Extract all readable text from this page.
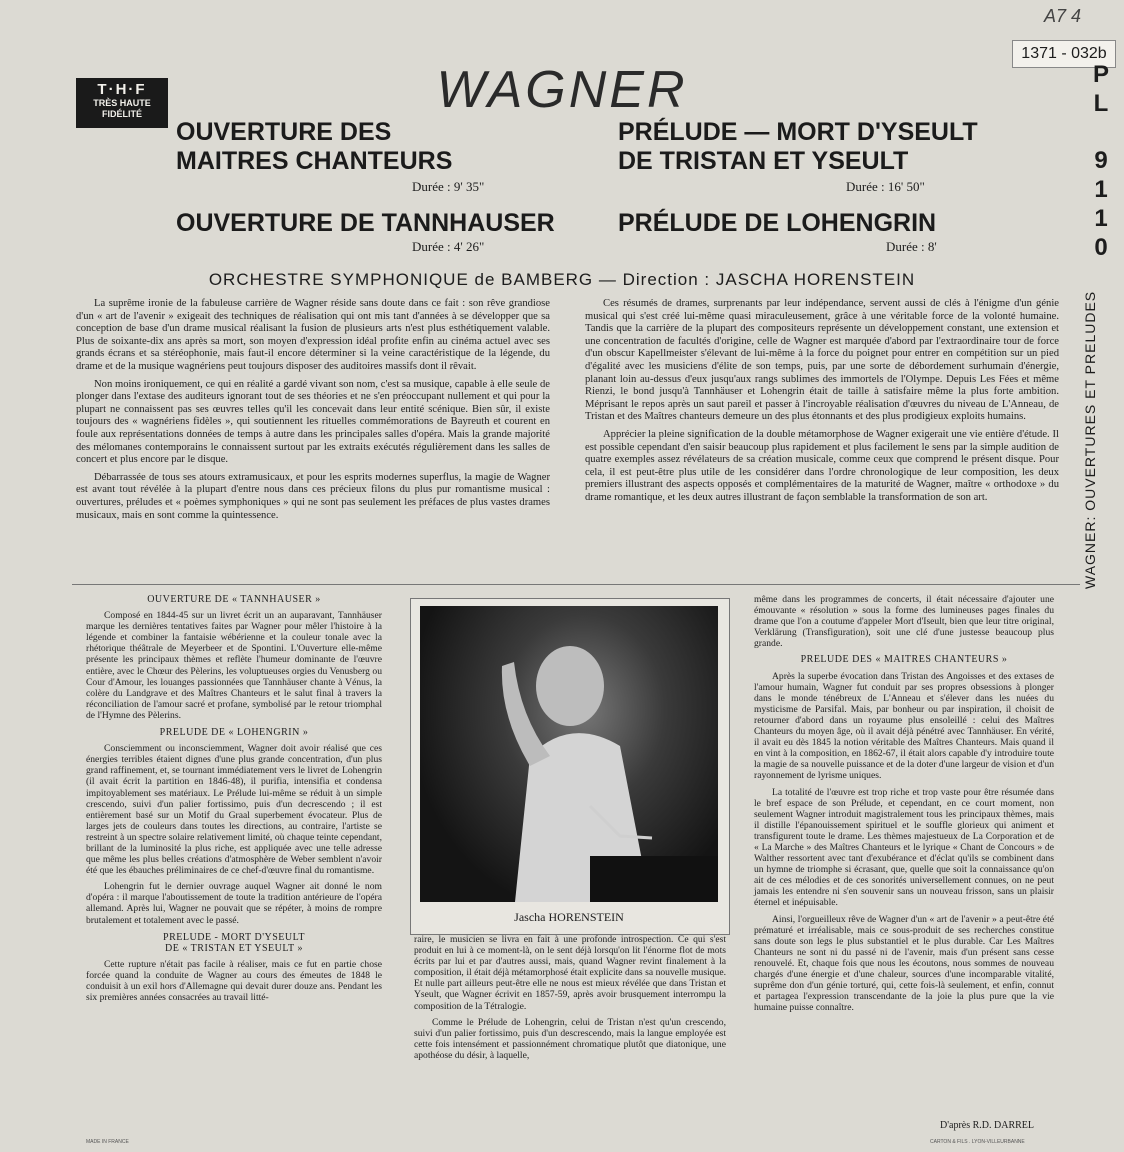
A7 4
1371 - 032b
T·H·F
TRÈS HAUTE
FIDÉLITÉ	WAGNER	P
L
9
1
1
0
WAGNER: OUVERTURES ET PRELUDES
OUVERTURE DES
MAITRES CHANTEURS
Durée : 9' 35"
PRÉLUDE — MORT D'YSEULT
DE TRISTAN ET YSEULT
Durée : 16' 50"
OUVERTURE DE TANNHAUSER
Durée : 4' 26"
PRÉLUDE DE LOHENGRIN
Durée : 8'
ORCHESTRE SYMPHONIQUE de BAMBERG — Direction : JASCHA HORENSTEIN

La suprême ironie de la fabuleuse carrière de Wagner réside sans doute dans ce fait : son rêve grandiose d'un « art de l'avenir » exigeait des techniques de réalisation qui ont mis tant d'années à se développer que sa conception de base d'un drame musical réalisant la fusion de plusieurs arts n'est plus esthétiquement valable. Plus de soixante-dix ans après sa mort, son moyen d'expression idéal profite enfin au cinéma actuel avec ses grands écrans et sa stéréophonie, mais faut-il encore déterminer si la veine caractéristique de la légende, du drame et de la musique wagnériens peut toujours disposer des auditoires massifs dont il rêvait.

Non moins ironiquement, ce qui en réalité a gardé vivant son nom, c'est sa musique, capable à elle seule de plonger dans l'extase des auditeurs ignorant tout de ses théories et ne s'en préoccupant nullement et qui pour la plupart ne connaissent pas ses œuvres telles qu'il les concevait dans leur entité scénique. Bien sûr, il existe toujours des « wagnériens fidèles », qui soutiennent les rituelles commémorations de Bayreuth et courent en foule aux représentations données de temps à autre dans les principales salles d'opéra. Mais la grande majorité des mélomanes contemporains le connaissent surtout par les extraits exécutés régulièrement dans les salles de concert et plus encore par le disque.

Débarrassée de tous ses atours extramusicaux, et pour les esprits modernes superflus, la magie de Wagner est avant tout révélée à la plupart d'entre nous dans ces précieux filons du plus pur romantisme musical : ouvertures, préludes et « poèmes symphoniques » qui ne sont pas seulement les préfaces de plus vastes drames musicaux, mais en sont comme la quintessence.

Ces résumés de drames, surprenants par leur indépendance, servent aussi de clés à l'énigme d'un génie musical qui s'est créé lui-même quasi miraculeusement, grâce à une véritable force de la volonté humaine. Tandis que la carrière de la plupart des compositeurs représente un développement constant, une extension et une concentration de facultés d'origine, celle de Wagner est marquée d'abord par l'extraordinaire tour de force d'un obscur Kapellmeister s'élevant de lui-même à la force du poignet pour entrer en compétition sur un pied d'égalité avec les musiciens d'élite de son temps, puis, par une sorte de débordement surhumain d'énergie, planant loin au-dessus d'eux jusqu'aux rangs sublimes des immortels de l'Olympe. Depuis Les Fées et même Rienzi, le bond jusqu'à Tannhäuser et Lohengrin était de taille à satisfaire même la plus forte ambition. Méprisant le repos après un saut pareil et passer à l'incroyable réalisation d'œuvres du niveau de L'Anneau, de Tristan et des Maîtres chanteurs demeure un des plus étonnants et des plus prodigieux exploits humains.

Apprécier la pleine signification de la double métamorphose de Wagner exigerait une vie entière d'étude. Il est possible cependant d'en saisir beaucoup plus rapidement et plus facilement le sens par la simple audition de quatre exemples assez révélateurs de sa création musicale, comme ceux que comprend le présent disque. Pour cela, il est peut-être plus utile de les considérer dans l'ordre chronologique de leur composition, les deux premiers illustrant des aspects opposés et complémentaires de la maturité de Wagner, maître « orthodoxe » du drame romantique, et les deux autres illustrant de façon semblable la transformation de son art.

OUVERTURE DE « TANNHAUSER »

Composé en 1844-45 sur un livret écrit un an auparavant, Tannhäuser marque les dernières tentatives faites par Wagner pour mêler l'histoire à la légende et combiner la fantaisie wébérienne et la couleur tonale avec la rhétorique théâtrale de Meyerbeer et de Spontini. L'Ouverture elle-même présente les principaux thèmes et reflète l'humeur dominante de l'œuvre entière, avec le Chœur des Pèlerins, les voluptueuses orgies du Venusberg ou Cour d'Amour, les louanges passionnées que Tannhäuser chante à Vénus, la colère du Landgrave et des Maîtres Chanteurs et le salut final à travers la réconciliation de l'amour sacré et profane, symbolisé par le retour triomphal de l'Hymne des Pèlerins.

PRELUDE DE « LOHENGRIN »

Consciemment ou inconsciemment, Wagner doit avoir réalisé que ces énergies terribles étaient dignes d'une plus grande concentration, d'un plus grand raffinement, et, se tournant immédiatement vers le livret de Lohengrin (il avait écrit la partition en 1846-48), il purifia, intensifia et condensa impitoyablement ses matériaux. Le Prélude lui-même se réduit à un simple crescendo, suivi d'un palier fortissimo, puis d'un decrescendo ; il est entièrement basé sur un Motif du Graal superbement évocateur. Plus de larges jets de couleurs dans toutes les directions, au contraire, l'artiste se restreint à un spectre solaire relativement limité, où chaque teinte cependant, brillant de la luminosité la plus riche, est appliquée avec une telle adresse que même les plus belles créations d'atmosphère de Weber semblent n'avoir été que les ébauches préliminaires de ce chef-d'œuvre final du romantisme.

Lohengrin fut le dernier ouvrage auquel Wagner ait donné le nom d'opéra : il marque l'aboutissement de toute la tradition antérieure de l'opéra allemand. Après lui, Wagner ne pouvait que se répéter, à moins de rompre brutalement et totalement avec le passé.

PRELUDE - MORT D'YSEULT

DE « TRISTAN ET YSEULT »

Cette rupture n'était pas facile à réaliser, mais ce fut en partie chose forcée quand la conduite de Wagner au cours des émeutes de 1848 le conduisit à un exil hors d'Allemagne qui devait durer douze ans. Pendant les six premières années consacrées au travail litté-

Jascha HORENSTEIN

raire, le musicien se livra en fait à une profonde introspection. Ce qui s'est produit en lui à ce moment-là, on le sent déjà lorsqu'on lit l'énorme flot de mots écrits par lui et par d'autres aussi, mais, quand Wagner revint finalement à la composition, il était déjà métamorphosé était explicite dans sa nouvelle musique. Et nulle part ailleurs peut-être elle ne nous est mieux révélée que dans Tristan et Yseult, que Wagner écrivit en 1857-59, après avoir brusquement interrompu la composition de la Tétralogie.

Comme le Prélude de Lohengrin, celui de Tristan n'est qu'un crescendo, suivi d'un palier fortissimo, puis d'un descrescendo, mais la langue employée est cette fois intensément et passionnément chromatique plutôt que diatonique, une apothéose du désir, à laquelle,

même dans les programmes de concerts, il était nécessaire d'ajouter une émouvante « résolution » sous la forme des lumineuses pages finales du drame que l'on a coutume d'appeler Mort d'Iseult, bien que leur titre original, Verklärung (Transfiguration), soit une clé d'une justesse beaucoup plus grande.

PRELUDE DES « MAITRES CHANTEURS »

Après la superbe évocation dans Tristan des Angoisses et des extases de l'amour humain, Wagner fut conduit par ses propres obsessions à plonger dans le monde ténébreux de L'Anneau et s'élever dans les nuées du mysticisme de Parsifal. Mais, par bonheur ou par inspiration, il choisit de retourner d'abord dans un royaume plus ensoleillé : celui des Maîtres Chanteurs du moyen âge, où il avait déjà pénétré avec Tannhäuser. En vérité, il avait eu dès 1845 la notion véritable des Maîtres Chanteurs. Mais quand il en vint à la composition, en 1862-67, il était alors capable d'y introduire toute la magie de sa nouvelle puissance et de la doter d'une largeur de vision et d'un rayonnement de lyrisme uniques.

La totalité de l'œuvre est trop riche et trop vaste pour être résumée dans le bref espace de son Prélude, et cependant, en ce court moment, non seulement Wagner introduit magistralement tous les principaux thèmes, mais il distille l'épanouissement spirituel et le souffle glorieux qui animent et transfigurent toute le drame. Les thèmes majestueux de La Corporation et de « La Marche » des Maîtres Chanteurs et le lyrique « Chant de Concours » de Walther ressortent avec tant d'exubérance et d'éclat qu'ils se combinent dans un hymne de triomphe si écrasant, que, quelle que soit la connaissance qu'on ait de ces mélodies et de ces sonorités universellement connues, on ne peut jamais les entendre ni s'en souvenir sans un nouveau frisson, sans un plaisir éternel et inépuisable.

Ainsi, l'orgueilleux rêve de Wagner d'un « art de l'avenir » a peut-être été prématuré et irréalisable, mais ce sous-produit de ses recherches constitue sans doute son legs le plus substantiel et le plus durable. Car Les Maîtres Chanteurs ne sont ni du passé ni de l'avenir, mais d'un présent sans cesse renouvelé. Et, chaque fois que nous les écoutons, nous sommes de nouveau chargés d'une énergie et d'une chaleur, sources d'une incomparable vitalité, suprême don d'un génie torturé, qui, cette fois-là seulement, et enfin, connut et partagea l'expression transcendante de la joie la plus pure que la vie humaine puisse connaître.

D'après R.D. DARREL
MADE IN FRANCE	CARTON & FILS . LYON-VILLEURBANNE
